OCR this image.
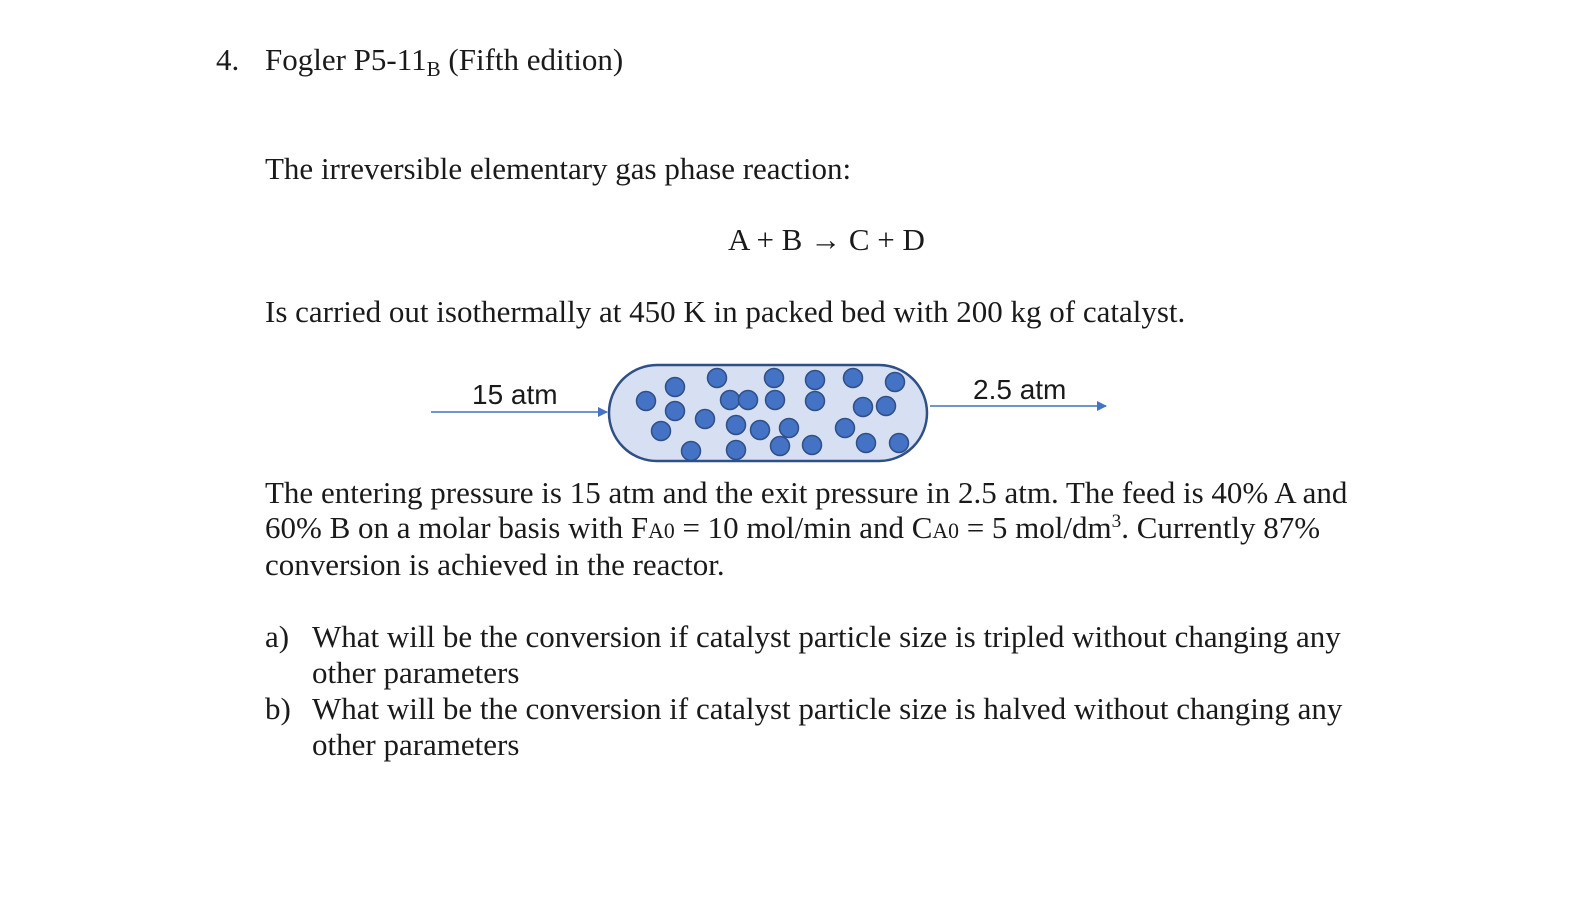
4. Fogler P5-11B (Fifth edition)
The irreversible elementary gas phase reaction:
A + B → C + D
Is carried out isothermally at 450 K in packed bed with 200 kg of catalyst.
15 atm	2.5 atm
The entering pressure is 15 atm and the exit pressure in 2.5 atm. The feed is 40% A and
60% B on a molar basis with FA0 = 10 mol/min and CA0 = 5 mol/$dm^3$. Currently 87%
conversion is achieved in the reactor.
a) What will be the conversion if catalyst particle size is tripled without changing any
other parameters
b) What will be the conversion if catalyst particle size is halved without changing any
other parameters
